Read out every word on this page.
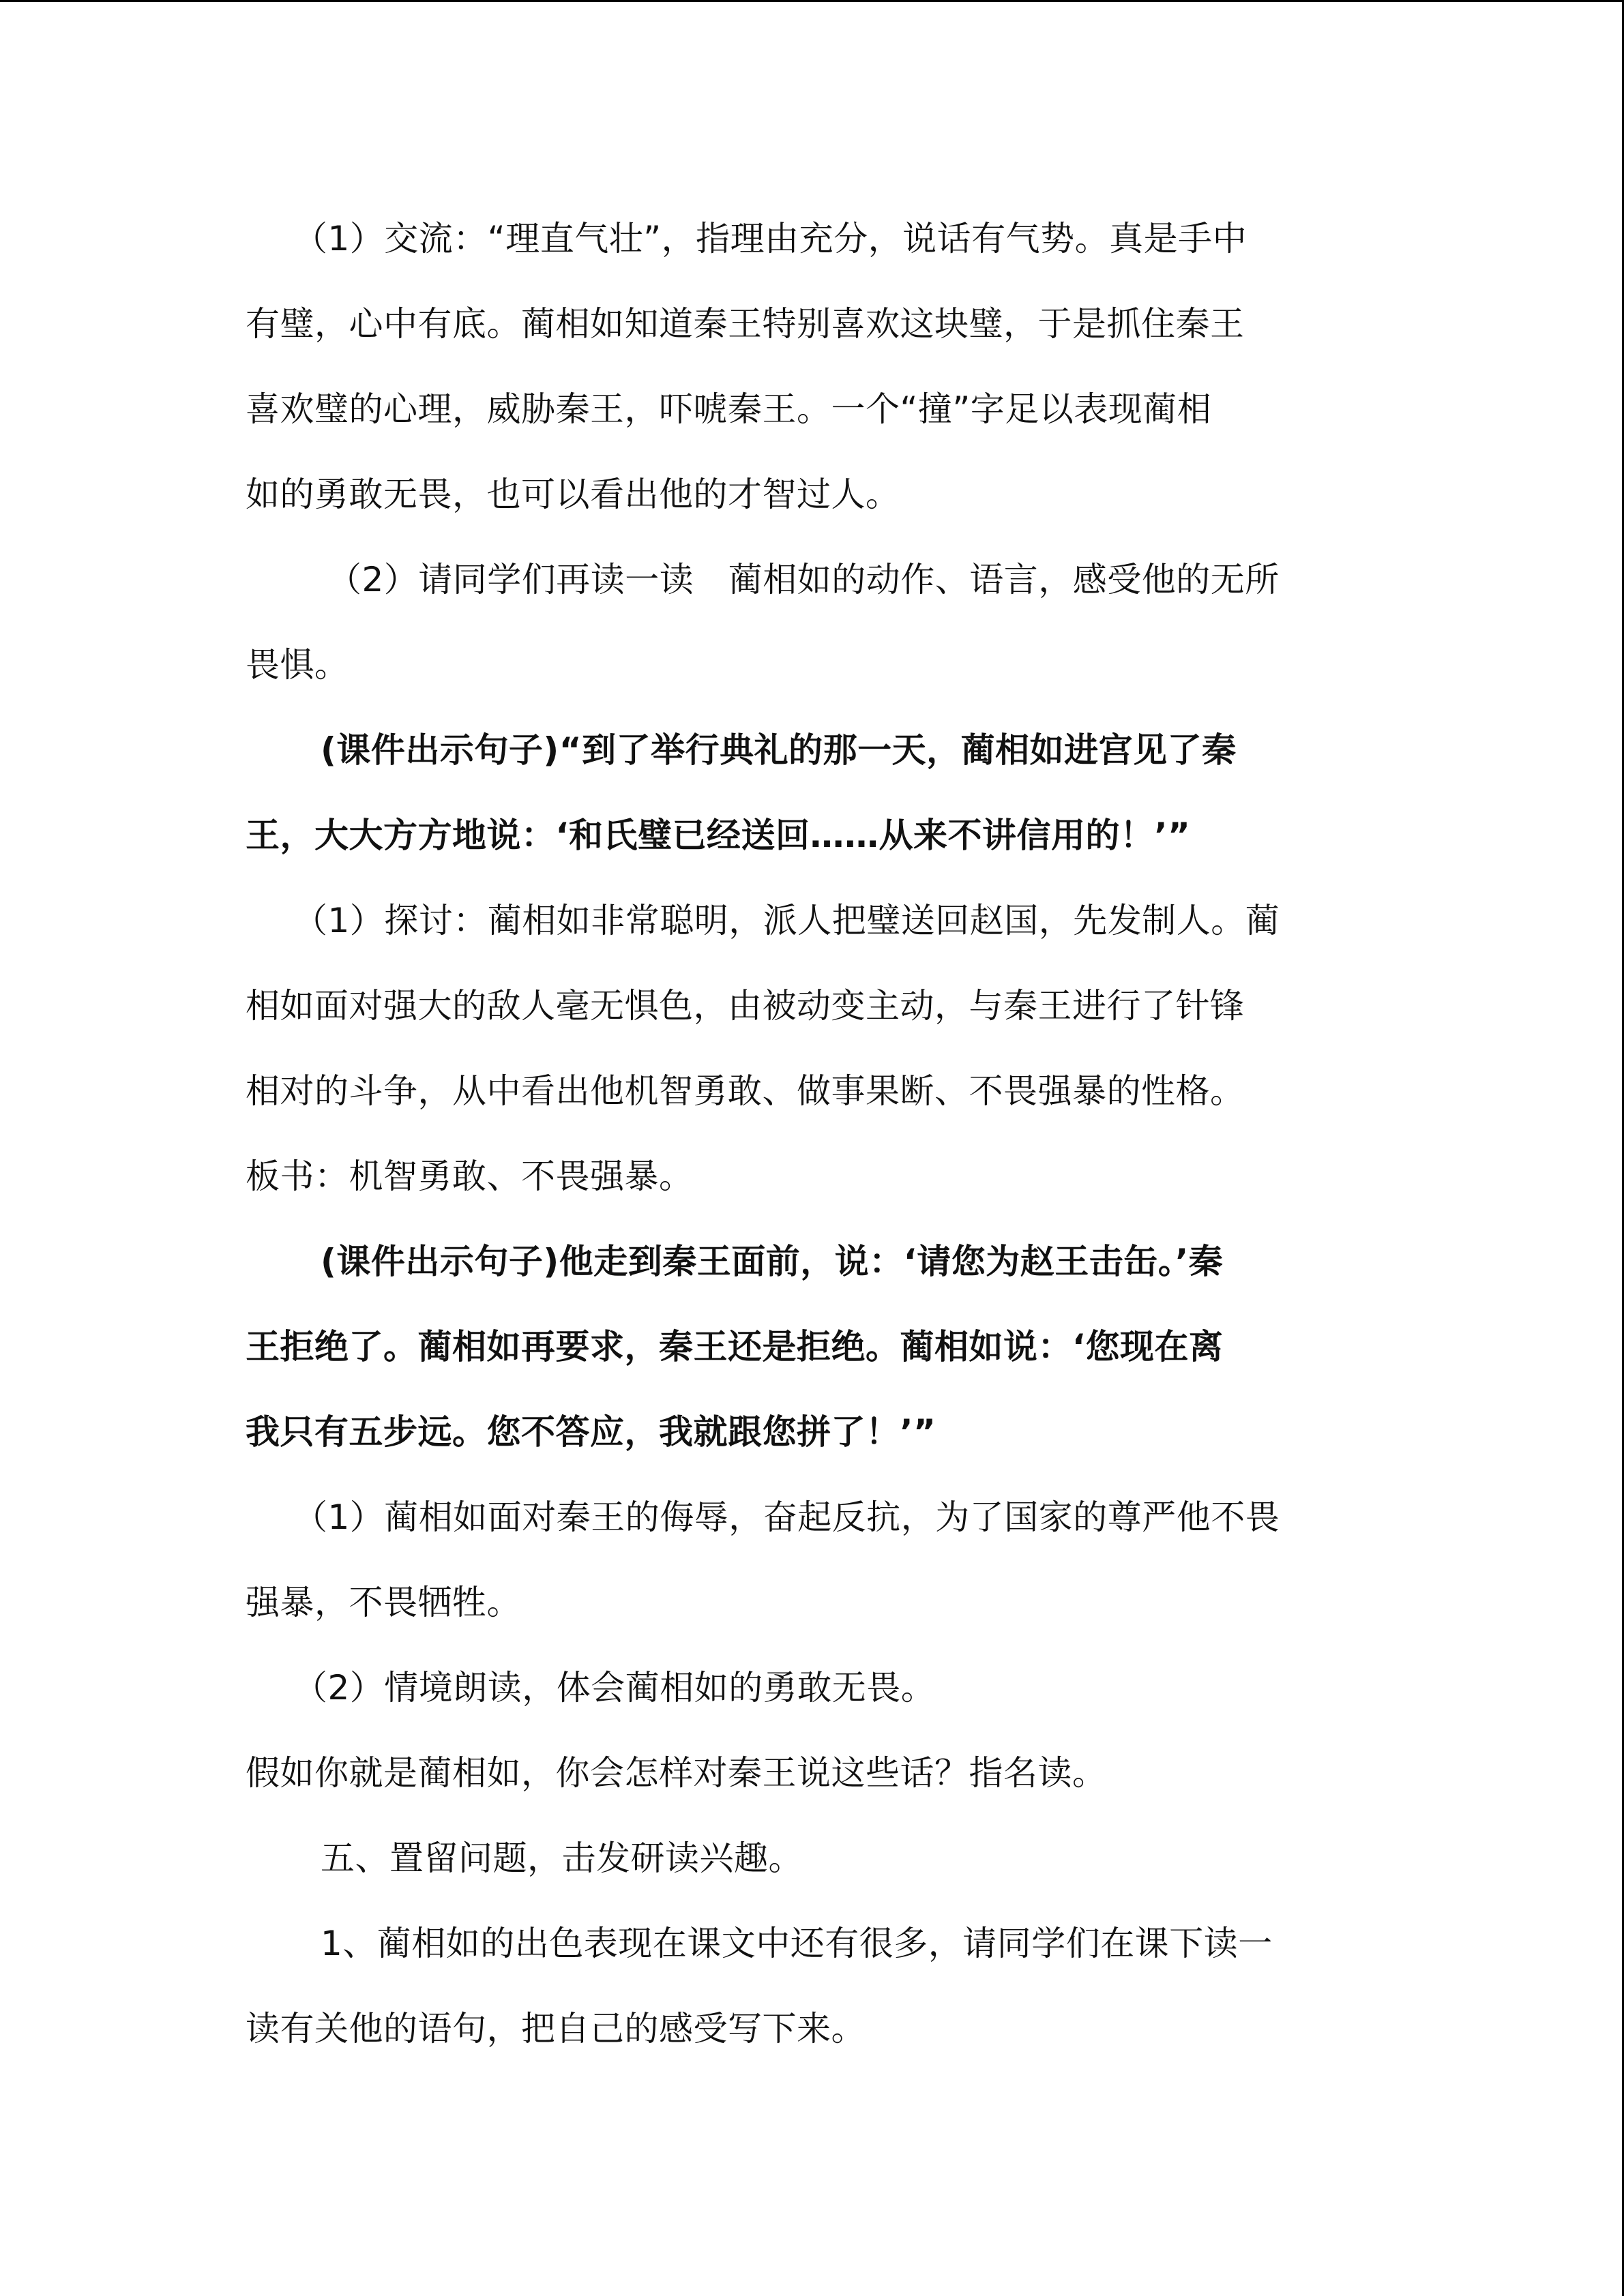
（1）交流：“理直气壮”，指理由充分，说话有气势。真是手中

有璧，心中有底。蔺相如知道秦王特别喜欢这块璧，于是抓住秦王

喜欢璧的心理，威胁秦王，吓唬秦王。一个“撞”字足以表现蔺相

如的勇敢无畏，也可以看出他的才智过人。

（2）请同学们再读一读　蔺相如的动作、语言，感受他的无所

畏惧。

(课件出示句子)“到了举行典礼的那一天，蔺相如进宫见了秦

王，大大方方地说：‘和氏璧已经送回……从来不讲信用的！’”

（1）探讨：蔺相如非常聪明，派人把璧送回赵国，先发制人。蔺

相如面对强大的敌人毫无惧色，由被动变主动，与秦王进行了针锋

相对的斗争，从中看出他机智勇敢、做事果断、不畏强暴的性格。

板书：机智勇敢、不畏强暴。

(课件出示句子)他走到秦王面前，说：‘请您为赵王击缶。’秦

王拒绝了。蔺相如再要求，秦王还是拒绝。蔺相如说：‘您现在离

我只有五步远。您不答应，我就跟您拼了！’”

（1）蔺相如面对秦王的侮辱，奋起反抗，为了国家的尊严他不畏

强暴，不畏牺牲。

（2）情境朗读，体会蔺相如的勇敢无畏。

假如你就是蔺相如，你会怎样对秦王说这些话？指名读。

五、置留问题，击发研读兴趣。

1、蔺相如的出色表现在课文中还有很多，请同学们在课下读一

读有关他的语句，把自己的感受写下来。
